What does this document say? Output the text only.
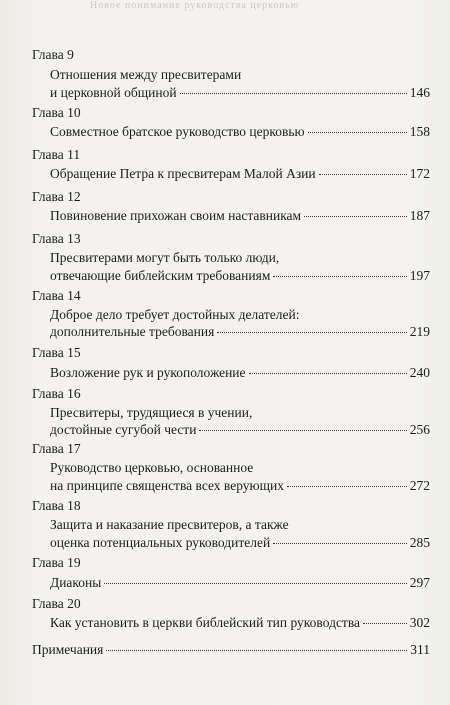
Новое понимание руководства церковью
Глава 9
Отношения между пресвитерами
и церковной общиной	146
Глава 10
Совместное братское руководство церковью	158
Глава 11
Обращение Петра к пресвитерам Малой Азии	172
Глава 12
Повиновение прихожан своим наставникам	187
Глава 13
Пресвитерами могут быть только люди,
отвечающие библейским требованиям	197
Глава 14
Доброе дело требует достойных делателей:
дополнительные требования	219
Глава 15
Возложение рук и рукоположение	240
Глава 16
Пресвитеры, трудящиеся в учении,
достойные сугубой чести	256
Глава 17
Руководство церковью, основанное
на принципе священства всех верующих	272
Глава 18
Защита и наказание пресвитеров, а также
оценка потенциальных руководителей	285
Глава 19
Диаконы	297
Глава 20
Как установить в церкви библейский тип руководства	302
Примечания	311
